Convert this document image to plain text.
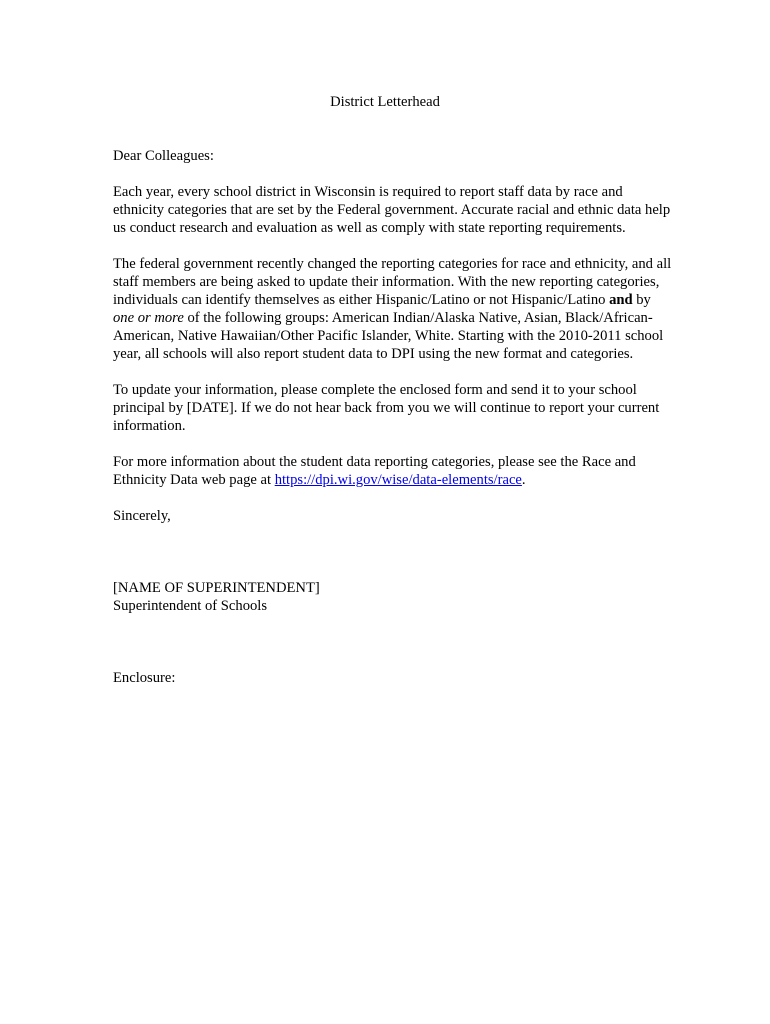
District Letterhead
Dear Colleagues:

Each year, every school district in Wisconsin is required to report staff data by race and ethnicity categories that are set by the Federal government. Accurate racial and ethnic data help us conduct research and evaluation as well as comply with state reporting requirements.

The federal government recently changed the reporting categories for race and ethnicity, and all staff members are being asked to update their information. With the new reporting categories, individuals can identify themselves as either Hispanic/Latino or not Hispanic/Latino and by one or more of the following groups: American Indian/Alaska Native, Asian, Black/African-American, Native Hawaiian/Other Pacific Islander, White. Starting with the 2010-2011 school year, all schools will also report student data to DPI using the new format and categories.

To update your information, please complete the enclosed form and send it to your school principal by [DATE]. If we do not hear back from you we will continue to report your current information.

For more information about the student data reporting categories, please see the Race and Ethnicity Data web page at https://dpi.wi.gov/wise/data-elements/race.

Sincerely,
[NAME OF SUPERINTENDENT]
Superintendent of Schools
Enclosure:
